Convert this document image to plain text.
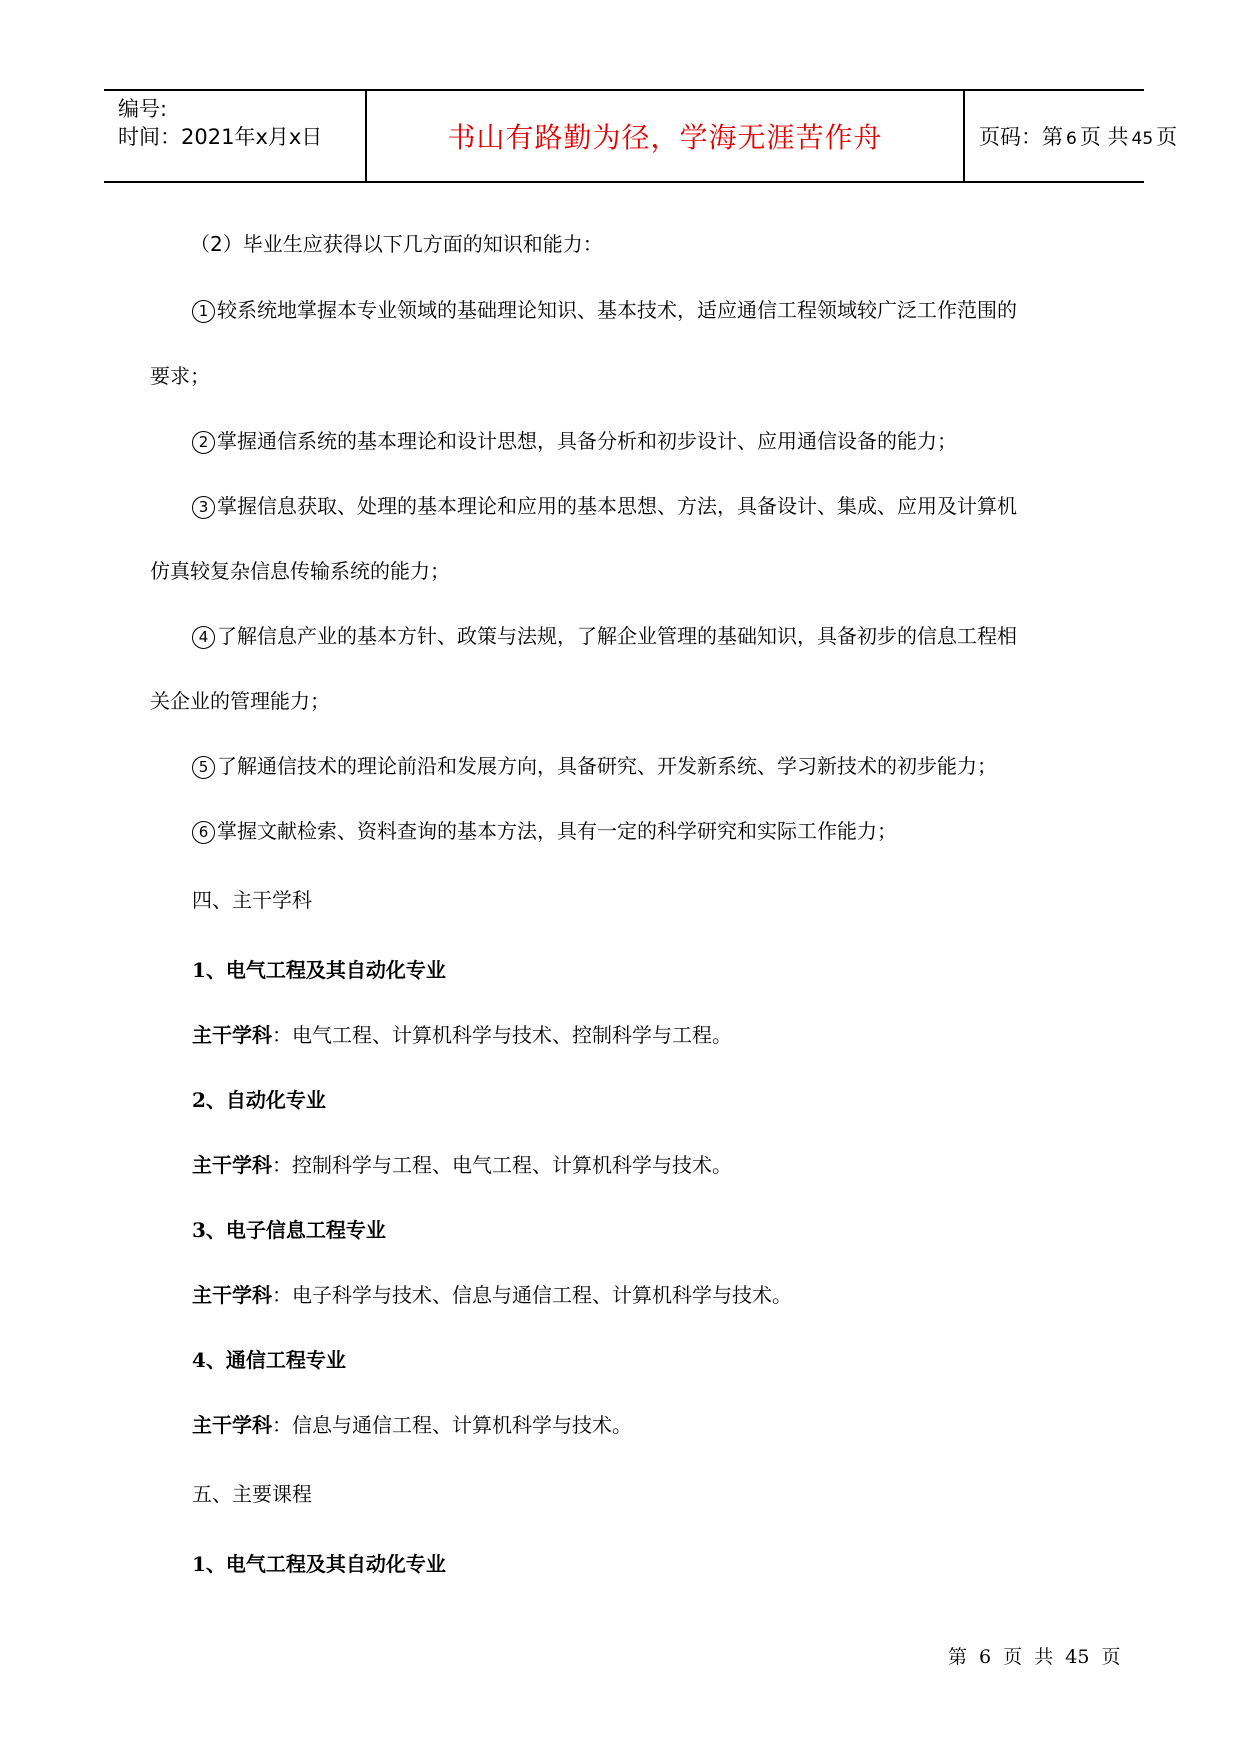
编号:
时间：2021年x月x日	书山有路勤为径，学海无涯苦作舟	页码：第 6 页 共 45 页
（2）毕业生应获得以下几方面的知识和能力：
1 较系统地掌握本专业领域的基础理论知识、基本技术，适应通信工程领域较广泛工作范围的
要求；
2 掌握通信系统的基本理论和设计思想，具备分析和初步设计、应用通信设备的能力；
3 掌握信息获取、处理的基本理论和应用的基本思想、方法，具备设计、集成、应用及计算机
仿真较复杂信息传输系统的能力；
4 了解信息产业的基本方针、政策与法规，了解企业管理的基础知识，具备初步的信息工程相
关企业的管理能力；
5 了解通信技术的理论前沿和发展方向，具备研究、开发新系统、学习新技术的初步能力；
6 掌握文献检索、资料查询的基本方法，具有一定的科学研究和实际工作能力；
四、主干学科
1、电气工程及其自动化专业
主干学科：电气工程、计算机科学与技术、控制科学与工程。
2、自动化专业
主干学科：控制科学与工程、电气工程、计算机科学与技术。
3、电子信息工程专业
主干学科：电子科学与技术、信息与通信工程、计算机科学与技术。
4、通信工程专业
主干学科：信息与通信工程、计算机科学与技术。
五、主要课程
1、电气工程及其自动化专业
第 6 页 共 45 页
